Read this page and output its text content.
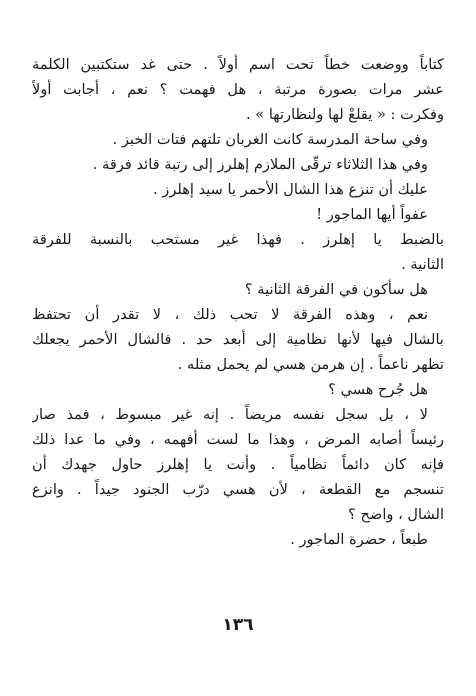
كتاباً ووضعت خطاً تحت اسم أولاً . حتى غد ستكتبين الكلمة
عشر مرات بصورة مرتبة ، هل فهمت ؟ نعم ، أجابت أولاً
وفكرت : « يقلعْ لها ولنظارتها » .
وفي ساحة المدرسة كانت الغربان تلتهم فتات الخبز .
وفي هذا الثلاثاء ترقّى الملازم إهلرز إلى رتبة قائد فرقة .
عليك أن تنزع هذا الشال الأحمر يا سيد إهلرز .
عفواً أيها الماجور !
بالضبط يا إهلرز . فهذا غير مستحب بالنسبة للفرقة
الثانية .
هل سأكون في الفرقة الثانية ؟
نعم ، وهذه الفرقة لا تحب ذلك ، لا تقدر أن تحتفظ
بالشال فيها لأنها نظامية إلى أبعد حد . فالشال الأحمر يجعلك
تظهر ناعماً . إن هرمن هسي لم يحمل مثله .
هل جُرح هسي ؟
لا ، بل سجل نفسه مريضاً . إنه غير مبسوط ، فمذ صار
رئيساً أصابه المرض ، وهذا ما لست أفهمه ، وفي ما عدا ذلك
فإنه كان دائماً نظامياً . وأنت يا إهلرز حاول جهدك أن
تنسجم مع القطعة ، لأن هسي درّب الجنود جيداً . وانزع
الشال ، واضح ؟
طبعاً ، حضرة الماجور .
١٣٦
